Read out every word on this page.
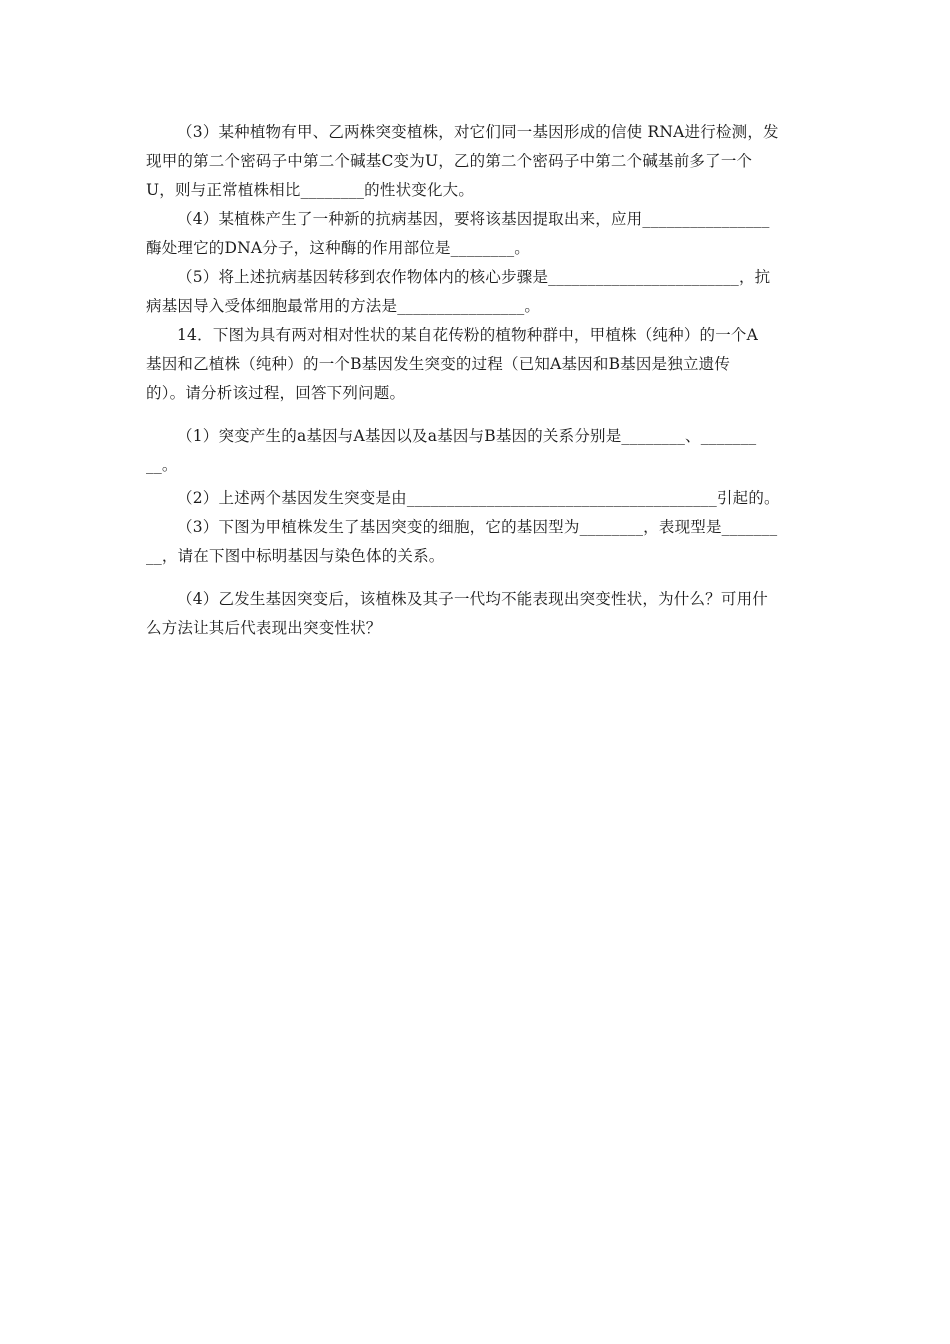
（3）某种植物有甲、乙两株突变植株，对它们同一基因形成的信使 RNA进行检测，发
现甲的第二个密码子中第二个碱基C变为U，乙的第二个密码子中第二个碱基前多了一个
U，则与正常植株相比________的性状变化大。
（4）某植株产生了一种新的抗病基因，要将该基因提取出来，应用________________
酶处理它的DNA分子，这种酶的作用部位是________。
（5）将上述抗病基因转移到农作物体内的核心步骤是________________________，抗
病基因导入受体细胞最常用的方法是________________。
14．下图为具有两对相对性状的某自花传粉的植物种群中，甲植株（纯种）的一个A
基因和乙植株（纯种）的一个B基因发生突变的过程（已知A基因和B基因是独立遗传
的）。请分析该过程，回答下列问题。
（1）突变产生的a基因与A基因以及a基因与B基因的关系分别是________、_______
__。
（2）上述两个基因发生突变是由_______________________________________引起的。
（3）下图为甲植株发生了基因突变的细胞，它的基因型为________，表现型是_______
__，请在下图中标明基因与染色体的关系。
（4）乙发生基因突变后，该植株及其子一代均不能表现出突变性状，为什么？可用什
么方法让其后代表现出突变性状？
